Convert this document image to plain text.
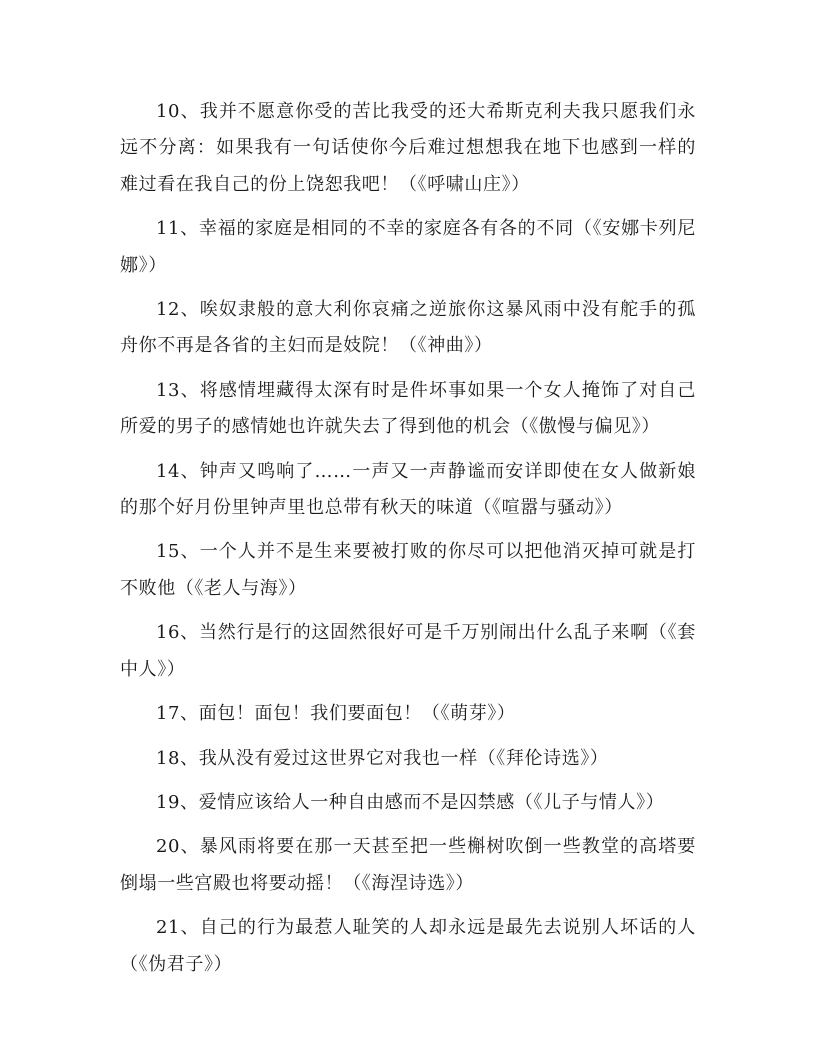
10、我并不愿意你受的苦比我受的还大希斯克利夫我只愿我们永远不分离：如果我有一句话使你今后难过想想我在地下也感到一样的难过看在我自己的份上饶恕我吧！（《呼啸山庄》）

11、幸福的家庭是相同的不幸的家庭各有各的不同（《安娜卡列尼娜》）

12、唉奴隶般的意大利你哀痛之逆旅你这暴风雨中没有舵手的孤舟你不再是各省的主妇而是妓院！（《神曲》）

13、将感情埋藏得太深有时是件坏事如果一个女人掩饰了对自己所爱的男子的感情她也许就失去了得到他的机会（《傲慢与偏见》）

14、钟声又鸣响了……一声又一声静谧而安详即使在女人做新娘的那个好月份里钟声里也总带有秋天的味道（《喧嚣与骚动》）

15、一个人并不是生来要被打败的你尽可以把他消灭掉可就是打不败他（《老人与海》）

16、当然行是行的这固然很好可是千万别闹出什么乱子来啊（《套中人》）

17、面包！面包！我们要面包！（《萌芽》）

18、我从没有爱过这世界它对我也一样（《拜伦诗选》）

19、爱情应该给人一种自由感而不是囚禁感（《儿子与情人》）

20、暴风雨将要在那一天甚至把一些槲树吹倒一些教堂的高塔要倒塌一些宫殿也将要动摇！（《海涅诗选》）

21、自己的行为最惹人耻笑的人却永远是最先去说别人坏话的人（《伪君子》）
